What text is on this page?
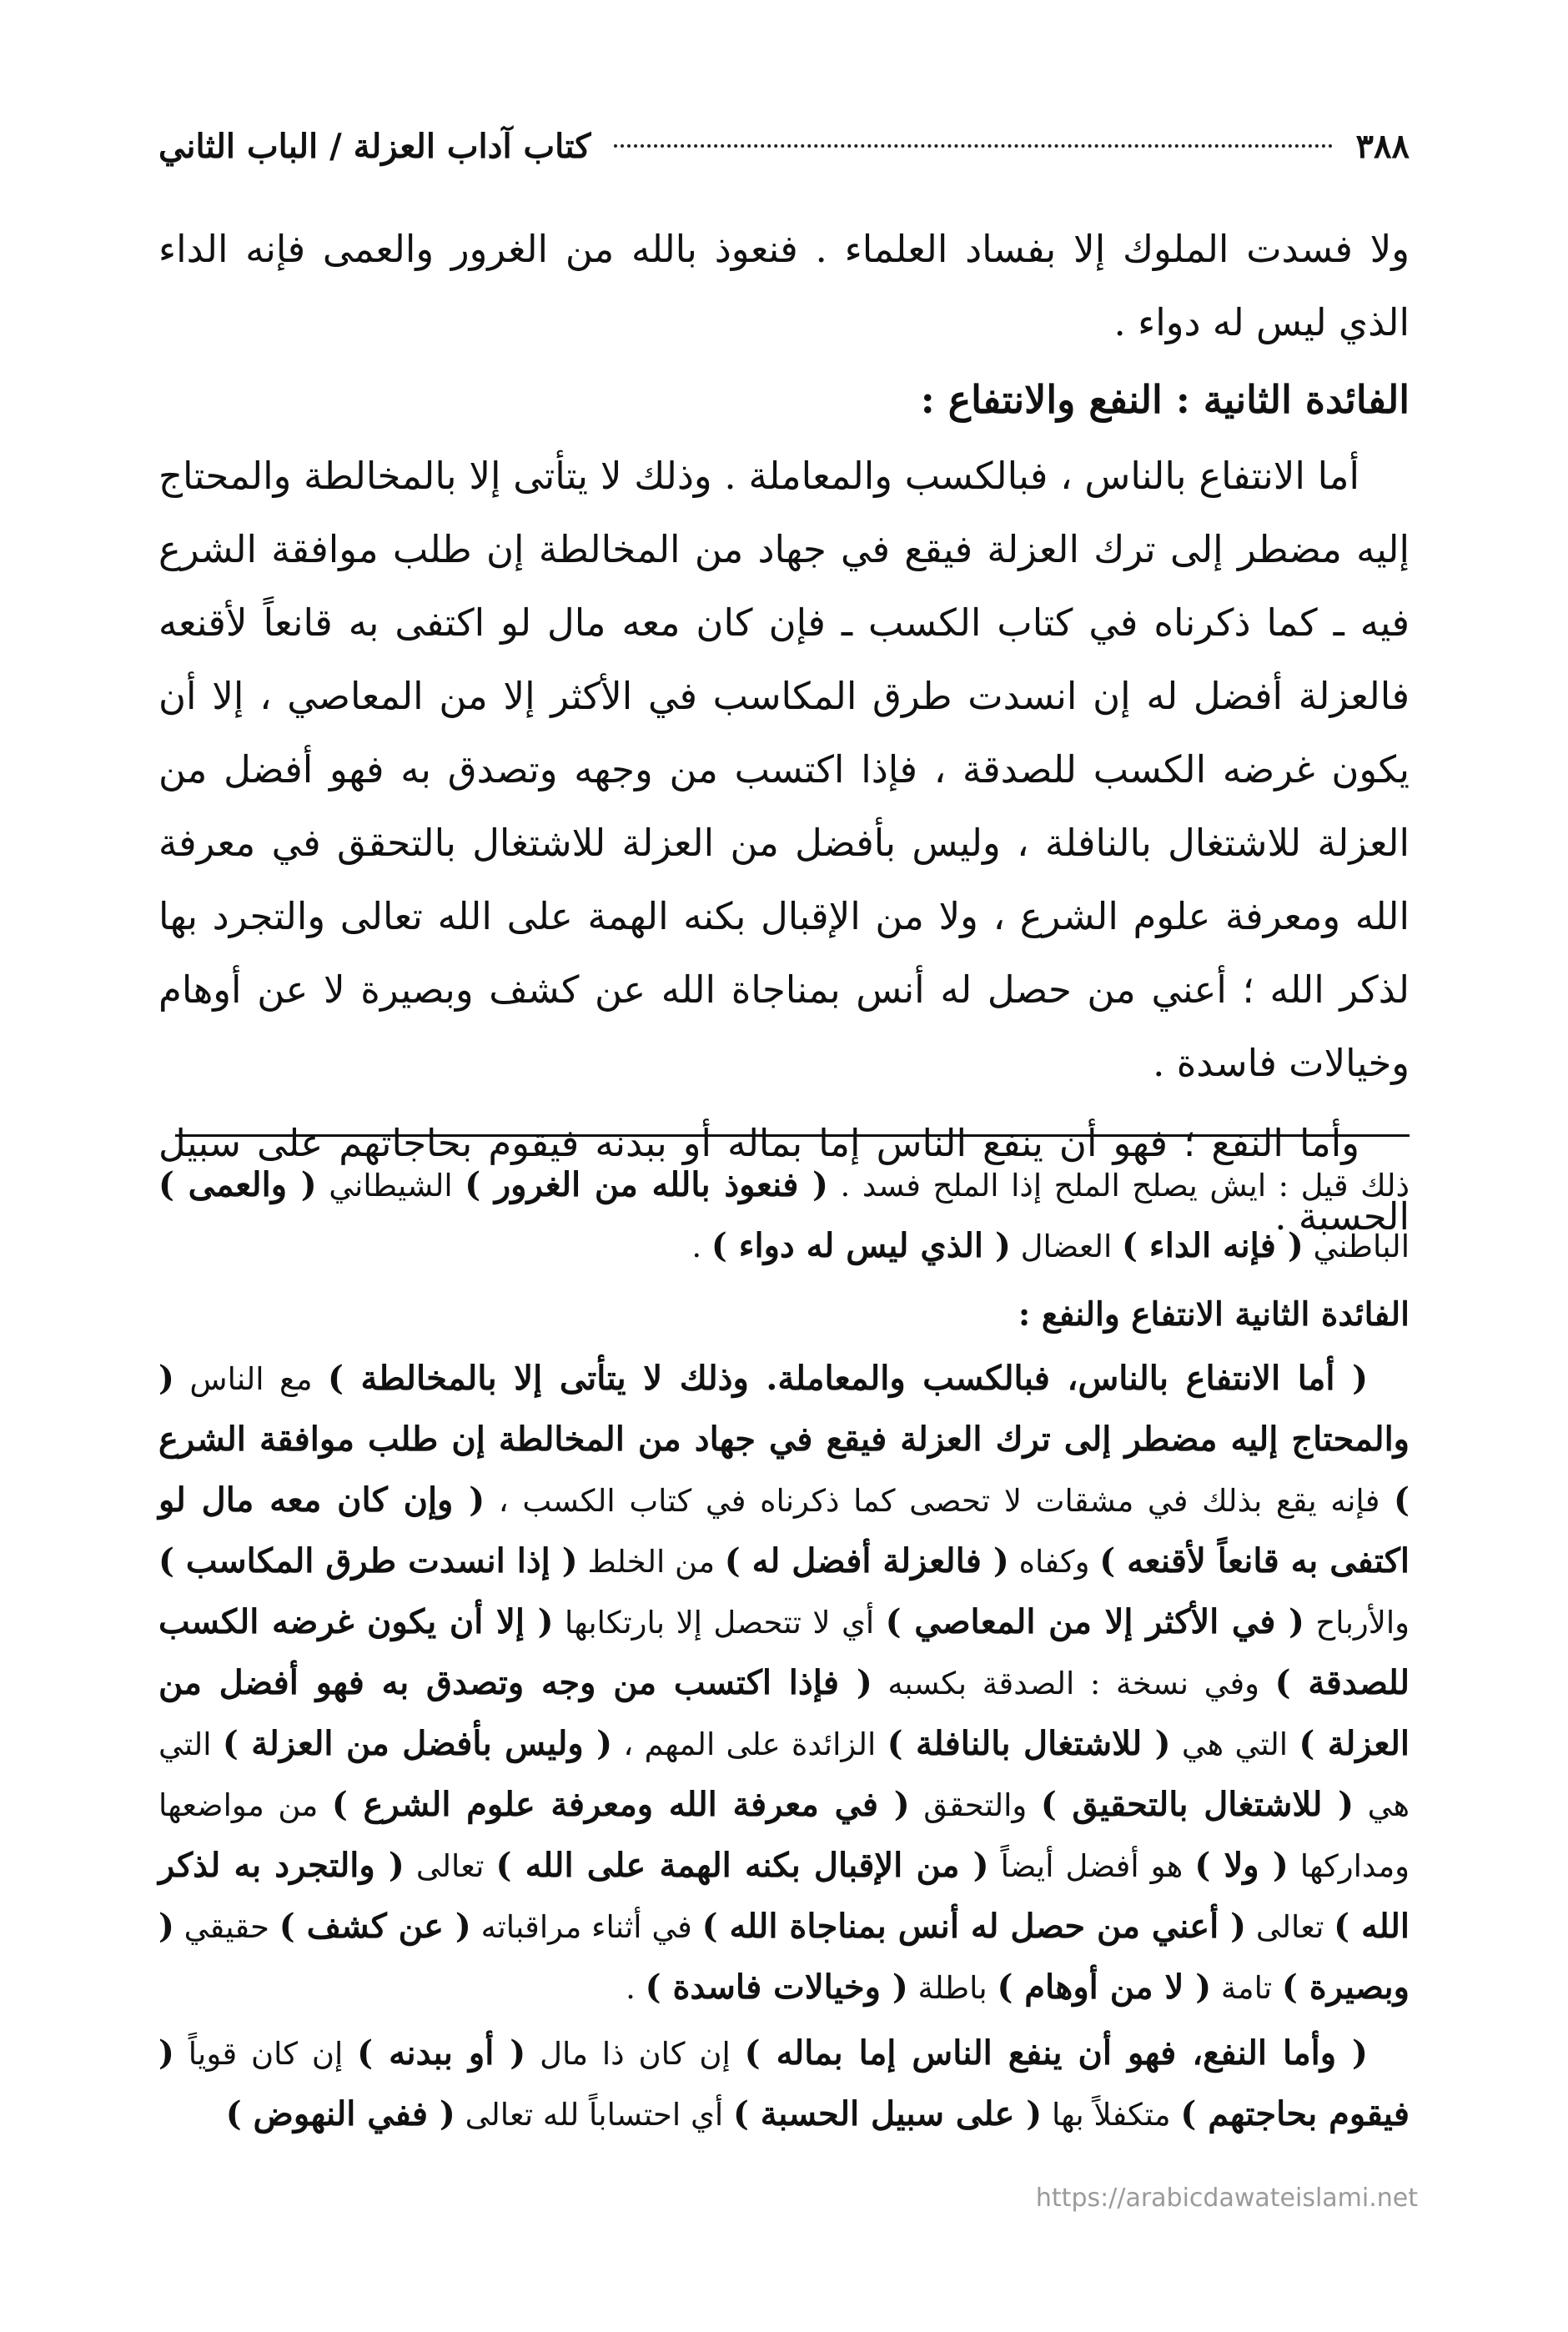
٣٨٨
كتاب آداب العزلة / الباب الثاني

ولا فسدت الملوك إلا بفساد العلماء . فنعوذ بالله من الغرور والعمى فإنه الداء الذي ليس له دواء .

الفائدة الثانية : النفع والانتفاع :

أما الانتفاع بالناس ، فبالكسب والمعاملة . وذلك لا يتأتى إلا بالمخالطة والمحتاج إليه مضطر إلى ترك العزلة فيقع في جهاد من المخالطة إن طلب موافقة الشرع فيه ـ كما ذكرناه في كتاب الكسب ـ فإن كان معه مال لو اكتفى به قانعاً لأقنعه فالعزلة أفضل له إن انسدت طرق المكاسب في الأكثر إلا من المعاصي ، إلا أن يكون غرضه الكسب للصدقة ، فإذا اكتسب من وجهه وتصدق به فهو أفضل من العزلة للاشتغال بالنافلة ، وليس بأفضل من العزلة للاشتغال بالتحقق في معرفة الله ومعرفة علوم الشرع ، ولا من الإقبال بكنه الهمة على الله تعالى والتجرد بها لذكر الله ؛ أعني من حصل له أنس بمناجاة الله عن كشف وبصيرة لا عن أوهام وخيالات فاسدة .

وأما النفع ؛ فهو أن ينفع الناس إما بماله أو ببدنه فيقوم بحاجاتهم على سبيل الحسبة .

ذلك قيل : ايش يصلح الملح إذا الملح فسد . ( فنعوذ بالله من الغرور ) الشيطاني ( والعمى ) الباطني ( فإنه الداء ) العضال ( الذي ليس له دواء ) .

الفائدة الثانية الانتفاع والنفع :

( أما الانتفاع بالناس، فبالكسب والمعاملة. وذلك لا يتأتى إلا بالمخالطة ) مع الناس ( والمحتاج إليه مضطر إلى ترك العزلة فيقع في جهاد من المخالطة إن طلب موافقة الشرع ) فإنه يقع بذلك في مشقات لا تحصى كما ذكرناه في كتاب الكسب ، ( وإن كان معه مال لو اكتفى به قانعاً لأقنعه ) وكفاه ( فالعزلة أفضل له ) من الخلط ( إذا انسدت طرق المكاسب ) والأرباح ( في الأكثر إلا من المعاصي ) أي لا تتحصل إلا بارتكابها ( إلا أن يكون غرضه الكسب للصدقة ) وفي نسخة : الصدقة بكسبه ( فإذا اكتسب من وجه وتصدق به فهو أفضل من العزلة ) التي هي ( للاشتغال بالنافلة ) الزائدة على المهم ، ( وليس بأفضل من العزلة ) التي هي ( للاشتغال بالتحقيق ) والتحقق ( في معرفة الله ومعرفة علوم الشرع ) من مواضعها ومداركها ( ولا ) هو أفضل أيضاً ( من الإقبال بكنه الهمة على الله ) تعالى ( والتجرد به لذكر الله ) تعالى ( أعني من حصل له أنس بمناجاة الله ) في أثناء مراقباته ( عن كشف ) حقيقي ( وبصيرة ) تامة ( لا من أوهام ) باطلة ( وخيالات فاسدة ) .

( وأما النفع، فهو أن ينفع الناس إما بماله ) إن كان ذا مال ( أو ببدنه ) إن كان قوياً ( فيقوم بحاجتهم ) متكفلاً بها ( على سبيل الحسبة ) أي احتساباً لله تعالى ( ففي النهوض )

https://arabicdawateislami.net
